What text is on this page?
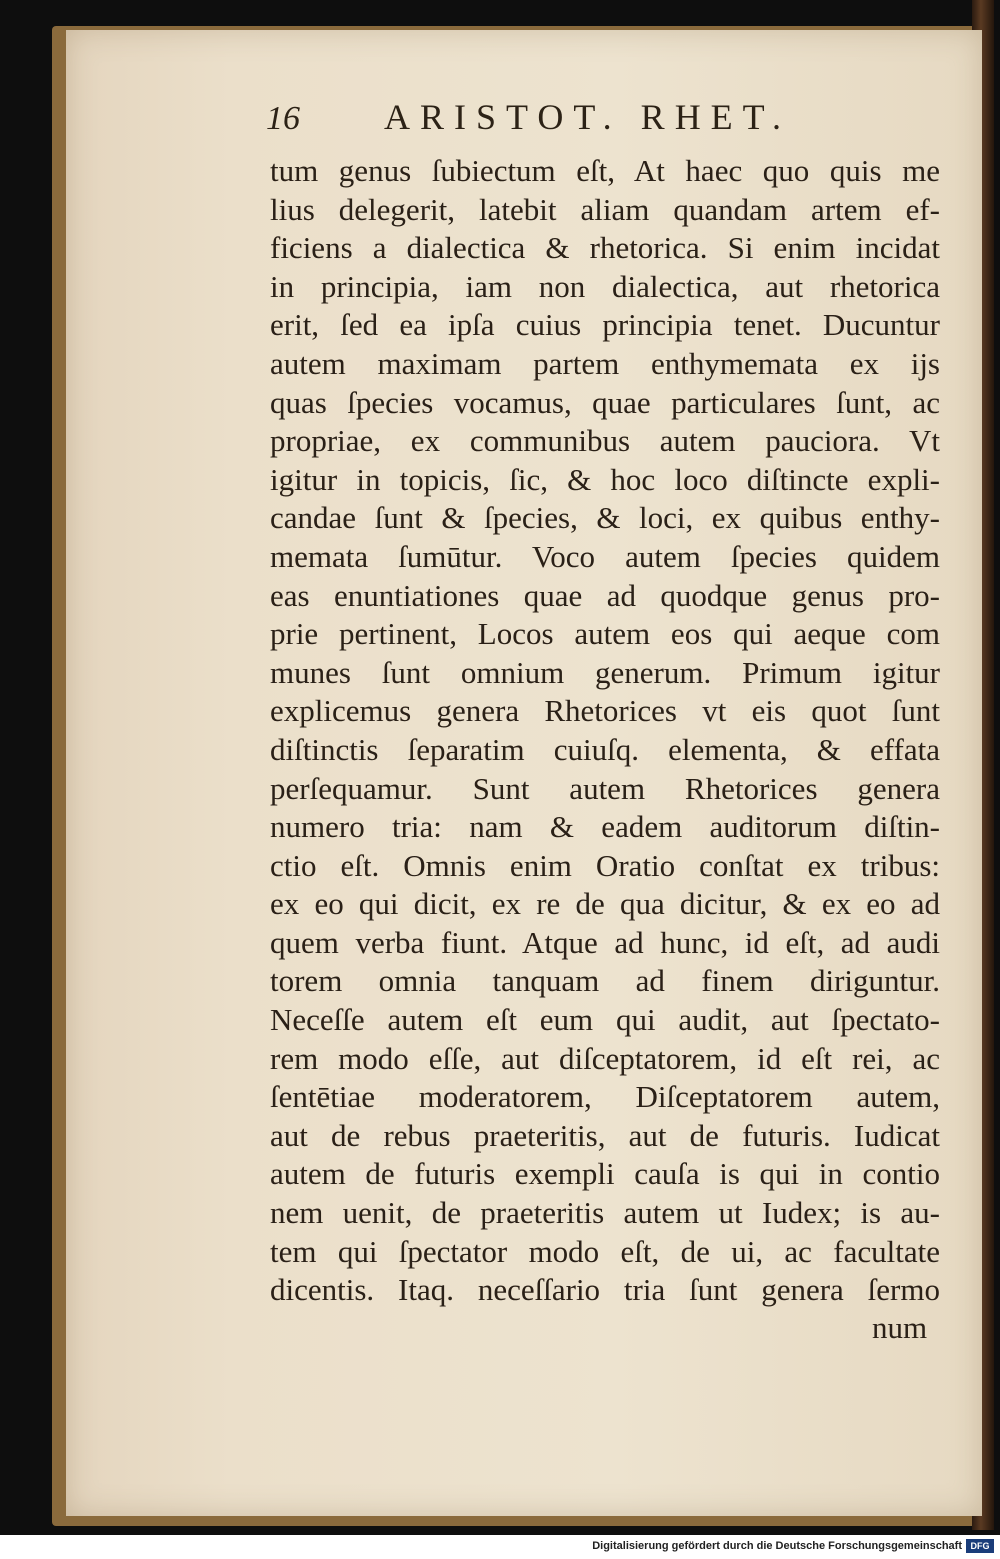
16 ARISTOT. RHET.
tum genus ſubiectum eſt, At haec quo quis me
lius delegerit, latebit aliam quandam artem ef-
ficiens a dialectica & rhetorica. Si enim incidat
in principia, iam non dialectica, aut rhetorica
erit, ſed ea ipſa cuius principia tenet. Ducuntur
autem maximam partem enthymemata ex ijs
quas ſpecies vocamus, quae particulares ſunt, ac
propriae, ex communibus autem pauciora. Vt
igitur in topicis, ſic, & hoc loco diſtincte expli-
candae ſunt & ſpecies, & loci, ex quibus enthy-
memata ſumūtur. Voco autem ſpecies quidem
eas enuntiationes quae ad quodque genus pro-
prie pertinent, Locos autem eos qui aeque com
munes ſunt omnium generum. Primum igitur
explicemus genera Rhetorices vt eis quot ſunt
diſtinctis ſeparatim cuiuſq. elementa, & effata
perſequamur. Sunt autem Rhetorices genera
numero tria: nam & eadem auditorum diſtin-
ctio eſt. Omnis enim Oratio conſtat ex tribus:
ex eo qui dicit, ex re de qua dicitur, & ex eo ad
quem verba fiunt. Atque ad hunc, id eſt, ad audi
torem omnia tanquam ad finem diriguntur.
Neceſſe autem eſt eum qui audit, aut ſpectato-
rem modo eſſe, aut diſceptatorem, id eſt rei, ac
ſentētiae moderatorem, Diſceptatorem autem,
aut de rebus praeteritis, aut de futuris. Iudicat
autem de futuris exempli cauſa is qui in contio
nem uenit, de praeteritis autem ut Iudex; is au-
tem qui ſpectator modo eſt, de ui, ac facultate
dicentis. Itaq. neceſſario tria ſunt genera ſermo
num
Digitalisierung gefördert durch die Deutsche Forschungsgemeinschaft DFG
